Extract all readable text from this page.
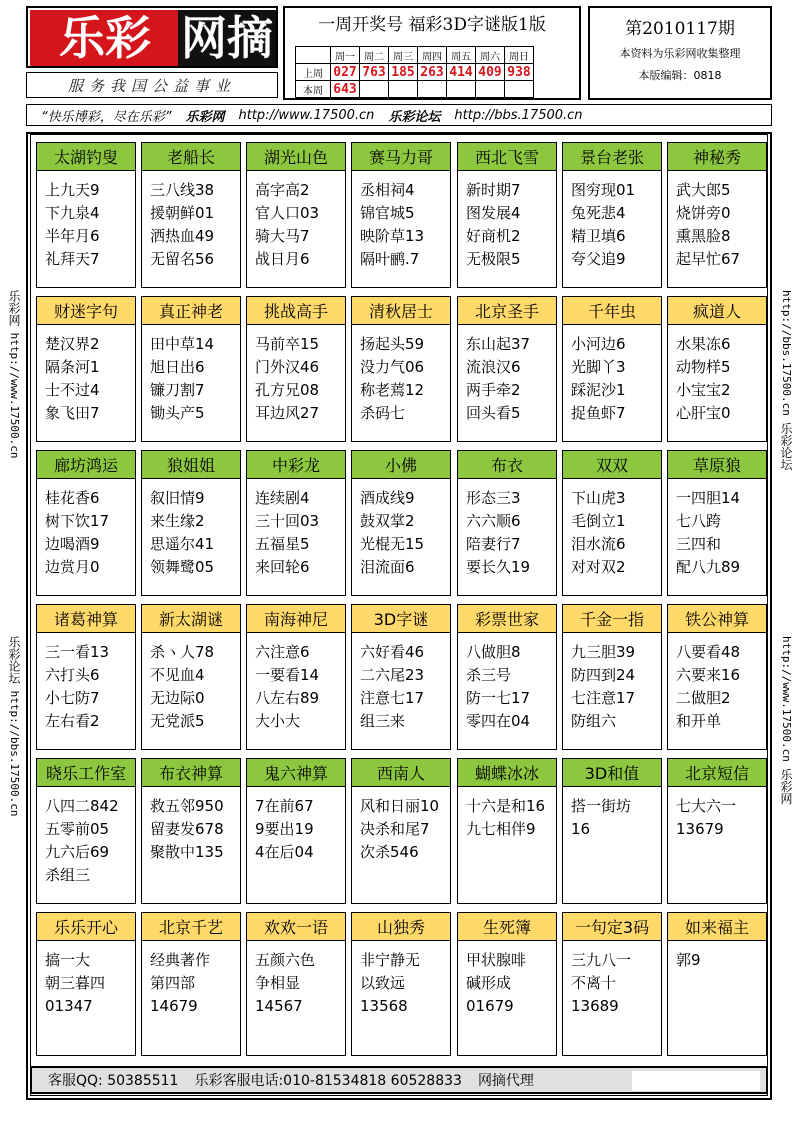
乐彩 网摘
服务我国公益事业
一周开奖号 福彩3D字谜版1版
	周一	周二	周三	周四	周五	周六	周日
上周	027	763	185	263	414	409	938
本周	643						
第2010117期
本资料为乐彩网收集整理
本版编辑：0818
“快乐博彩，尽在乐彩” 乐彩网 http://www.17500.cn 乐彩论坛 http://bbs.17500.cn
乐彩网 http://www.17500.cn
乐彩论坛 http://bbs.17500.cn
http://bbs.17500.cn 乐彩论坛
http://www.17500.cn 乐彩网
太湖钓叟
上九天9
下九泉4
半年月6
礼拜天7
老船长
三八线38
援朝鲜01
洒热血49
无留名56
湖光山色
高字高2
官人口03
骑大马7
战日月6
赛马力哥
丞相祠4
锦官城5
映阶草13
隔叶鹂.7
西北飞雪
新时期7
图发展4
好商机2
无极限5
景台老张
图穷现01
兔死悲4
精卫填6
夸父追9
神秘秀
武大郎5
烧饼旁0
熏黑脸8
起早忙67
财迷字句
楚汉界2
隔条河1
士不过4
象飞田7
真正神老
田中草14
旭日出6
镰刀割7
锄头产5
挑战高手
马前卒15
门外汉46
孔方兄08
耳边风27
清秋居士
扬起头59
没力气06
称老蔫12
杀码七
北京圣手
东山起37
流浪汉6
两手牵2
回头看5
千年虫
小河边6
光脚丫3
踩泥沙1
捉鱼虾7
疯道人
水果冻6
动物样5
小宝宝2
心肝宝0
廊坊鸿运
桂花香6
树下饮17
边喝酒9
边赏月0
狼姐姐
叙旧情9
来生缘2
思遥尔41
领舞鹭05
中彩龙
连续剧4
三十回03
五福星5
来回轮6
小佛
酒成线9
鼓双掌2
光棍无15
泪流面6
布衣
形态三3
六六顺6
陪妻行7
要长久19
双双
下山虎3
毛倒立1
泪水流6
对对双2
草原狼
一四胆14
七八跨
三四和
配八九89
诸葛神算
三一看13
六打头6
小七防7
左右看2
新太湖谜
杀ヽ人78
不见血4
无边际0
无党派5
南海神尼
六注意6
一要看14
八左右89
大小大
3D字谜
六好看46
二六尾23
注意七17
组三来
彩票世家
八做胆8
杀三号
防一七17
零四在04
千金一指
九三胆39
防四到24
七注意17
防组六
铁公神算
八要看48
六要来16
二做胆2
和开单
晓乐工作室
八四二842
五零前05
九六后69
杀组三
布衣神算
救五邻950
留妻发678
聚散中135
鬼六神算
7在前67
9要出19
4在后04
西南人
风和日丽10
决杀和尾7
次杀546
蝴蝶冰冰
十六是和16
九七相伴9
3D和值
搭一街坊
16
北京短信
七大六一
13679
乐乐开心
搞一大
朝三暮四
01347
北京千艺
经典著作
第四部
14679
欢欢一语
五颜六色
争相显
14567
山独秀
非宁静无
以致远
13568
生死簿
甲状腺啡
碱形成
01679
一句定3码
三九八一
不离十
13689
如来福主
郭9
客服QQ: 50385511 乐彩客服电话:010-81534818 60528833 网摘代理
